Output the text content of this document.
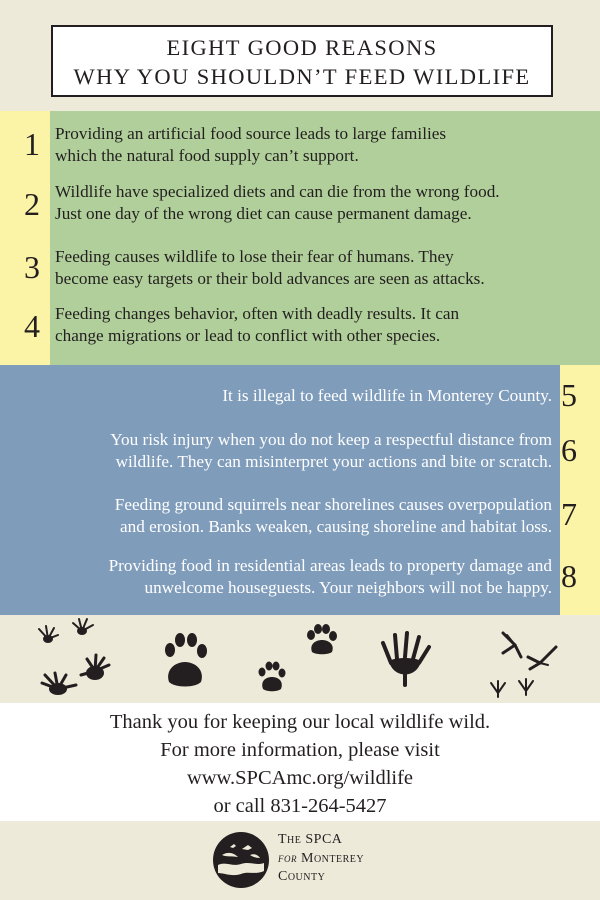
EIGHT GOOD REASONS
WHY YOU SHOULDN’T FEED WILDLIFE
1 Providing an artificial food source leads to large families
which the natural food supply can’t support.
2 Wildlife have specialized diets and can die from the wrong food.
Just one day of the wrong diet can cause permanent damage.
3 Feeding causes wildlife to lose their fear of humans. They
become easy targets or their bold advances are seen as attacks.
4 Feeding changes behavior, often with deadly results. It can
change migrations or lead to conflict with other species.
It is illegal to feed wildlife in Monterey County. 5
You risk injury when you do not keep a respectful distance from
wildlife. They can misinterpret your actions and bite or scratch. 6
Feeding ground squirrels near shorelines causes overpopulation
and erosion. Banks weaken, causing shoreline and habitat loss. 7
Providing food in residential areas leads to property damage and
unwelcome houseguests. Your neighbors will not be happy. 8
Thank you for keeping our local wildlife wild.
For more information, please visit
www.SPCAmc.org/wildlife
or call 831-264-5427
The SPCA
for Monterey
County
